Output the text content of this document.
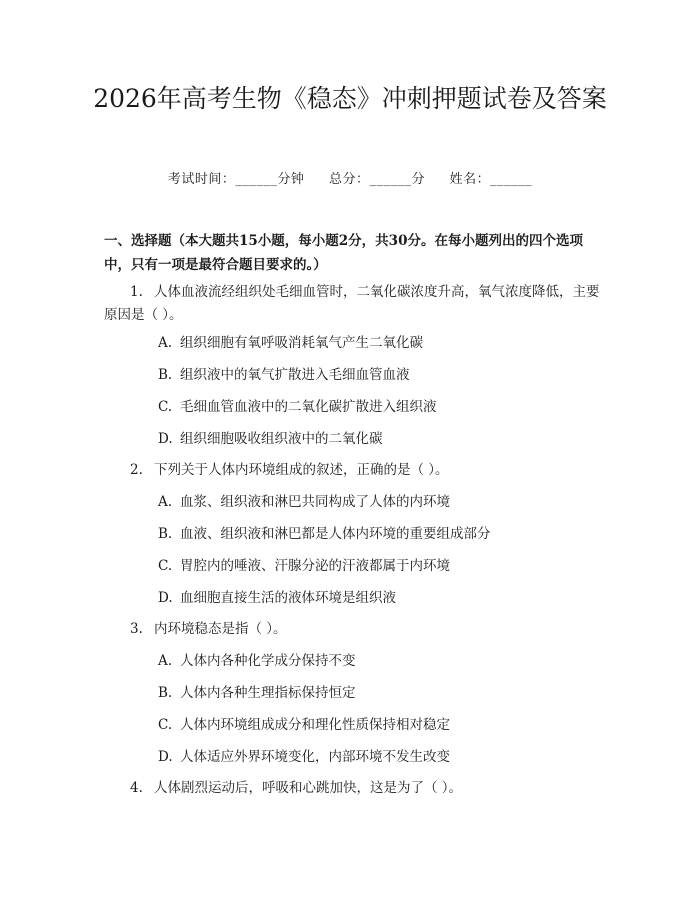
2026年高考生物《稳态》冲刺押题试卷及答案
考试时间：______分钟 总分：______分 姓名：______
一、选择题（本大题共15小题，每小题2分，共30分。在每小题列出的四个选项中，只有一项是最符合题目要求的。）
1. 人体血液流经组织处毛细血管时，二氧化碳浓度升高，氧气浓度降低，主要原因是（ ）。
A. 组织细胞有氧呼吸消耗氧气产生二氧化碳
B. 组织液中的氧气扩散进入毛细血管血液
C. 毛细血管血液中的二氧化碳扩散进入组织液
D. 组织细胞吸收组织液中的二氧化碳
2. 下列关于人体内环境组成的叙述，正确的是（ ）。
A. 血浆、组织液和淋巴共同构成了人体的内环境
B. 血液、组织液和淋巴都是人体内环境的重要组成部分
C. 胃腔内的唾液、汗腺分泌的汗液都属于内环境
D. 血细胞直接生活的液体环境是组织液
3. 内环境稳态是指（ ）。
A. 人体内各种化学成分保持不变
B. 人体内各种生理指标保持恒定
C. 人体内环境组成成分和理化性质保持相对稳定
D. 人体适应外界环境变化，内部环境不发生改变
4. 人体剧烈运动后，呼吸和心跳加快，这是为了（ ）。
